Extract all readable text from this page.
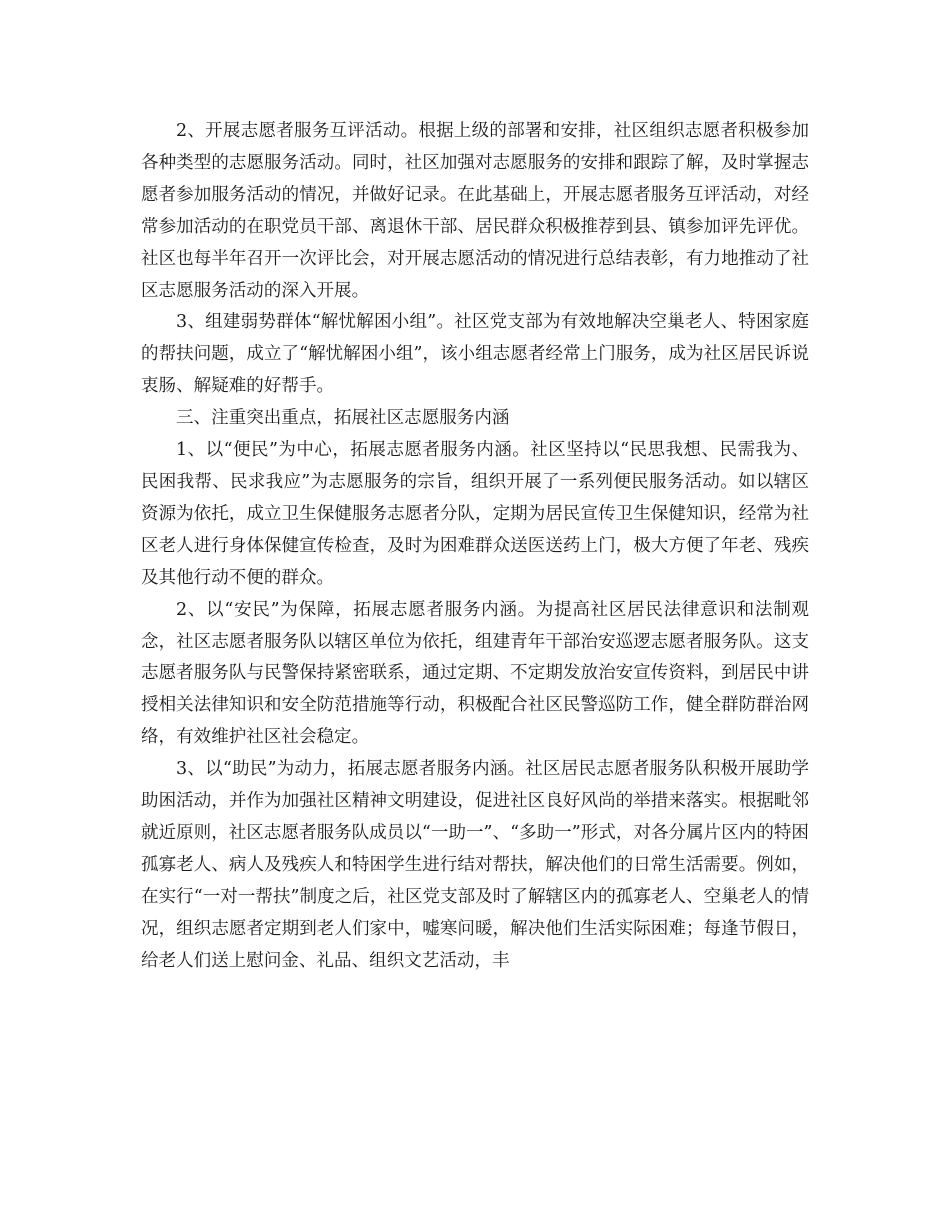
2、开展志愿者服务互评活动。根据上级的部署和安排，社区组织志愿者积极参加各种类型的志愿服务活动。同时，社区加强对志愿服务的安排和跟踪了解，及时掌握志愿者参加服务活动的情况，并做好记录。在此基础上，开展志愿者服务互评活动，对经常参加活动的在职党员干部、离退休干部、居民群众积极推荐到县、镇参加评先评优。社区也每半年召开一次评比会，对开展志愿活动的情况进行总结表彰，有力地推动了社区志愿服务活动的深入开展。

3、组建弱势群体“解忧解困小组”。社区党支部为有效地解决空巢老人、特困家庭的帮扶问题，成立了“解忧解困小组”，该小组志愿者经常上门服务，成为社区居民诉说衷肠、解疑难的好帮手。

三、注重突出重点，拓展社区志愿服务内涵

1、以“便民”为中心，拓展志愿者服务内涵。社区坚持以“民思我想、民需我为、民困我帮、民求我应”为志愿服务的宗旨，组织开展了一系列便民服务活动。如以辖区资源为依托，成立卫生保健服务志愿者分队，定期为居民宣传卫生保健知识，经常为社区老人进行身体保健宣传检查，及时为困难群众送医送药上门，极大方便了年老、残疾及其他行动不便的群众。

2、以“安民”为保障，拓展志愿者服务内涵。为提高社区居民法律意识和法制观念，社区志愿者服务队以辖区单位为依托，组建青年干部治安巡逻志愿者服务队。这支志愿者服务队与民警保持紧密联系，通过定期、不定期发放治安宣传资料，到居民中讲授相关法律知识和安全防范措施等行动，积极配合社区民警巡防工作，健全群防群治网络，有效维护社区社会稳定。

3、以“助民”为动力，拓展志愿者服务内涵。社区居民志愿者服务队积极开展助学助困活动，并作为加强社区精神文明建设，促进社区良好风尚的举措来落实。根据毗邻就近原则，社区志愿者服务队成员以“一助一”、“多助一”形式，对各分属片区内的特困孤寡老人、病人及残疾人和特困学生进行结对帮扶，解决他们的日常生活需要。例如，在实行“一对一帮扶”制度之后，社区党支部及时了解辖区内的孤寡老人、空巢老人的情况，组织志愿者定期到老人们家中，嘘寒问暖，解决他们生活实际困难；每逢节假日，给老人们送上慰问金、礼品、组织文艺活动，丰
